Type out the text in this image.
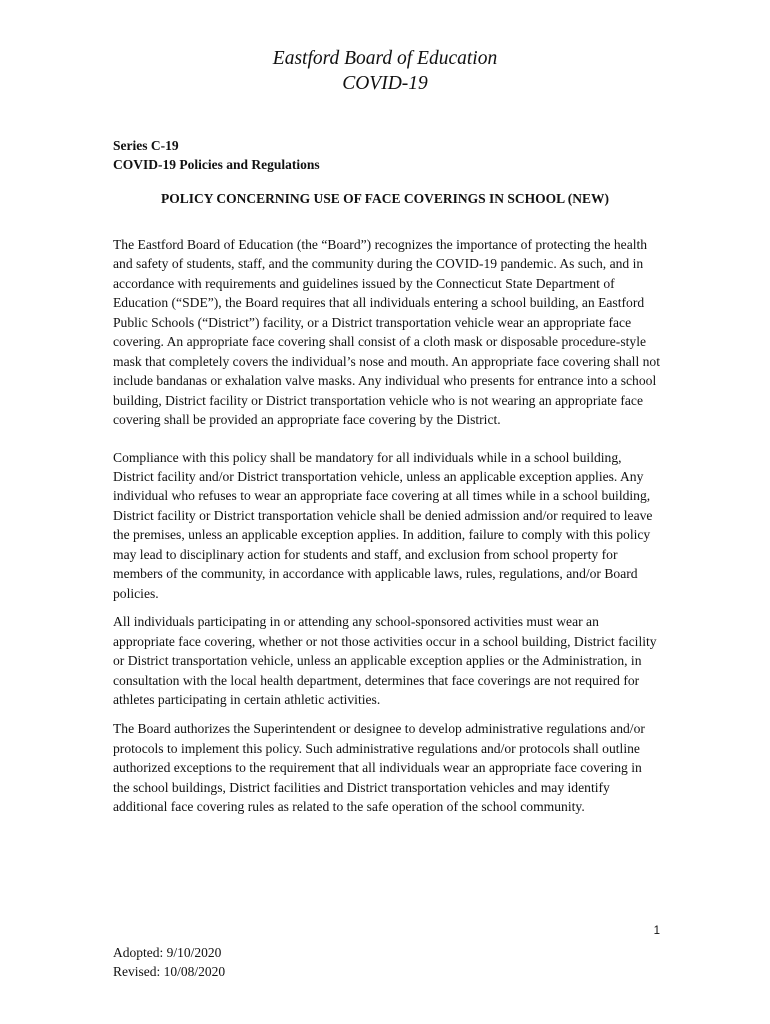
Eastford Board of Education
COVID-19
Series C-19
COVID-19 Policies and Regulations
POLICY CONCERNING USE OF FACE COVERINGS IN SCHOOL (NEW)

The Eastford Board of Education (the “Board”) recognizes the importance of protecting the health and safety of students, staff, and the community during the COVID-19 pandemic. As such, and in accordance with requirements and guidelines issued by the Connecticut State Department of Education (“SDE”), the Board requires that all individuals entering a school building, an Eastford Public Schools (“District”) facility, or a District transportation vehicle wear an appropriate face covering. An appropriate face covering shall consist of a cloth mask or disposable procedure-style mask that completely covers the individual’s nose and mouth. An appropriate face covering shall not include bandanas or exhalation valve masks. Any individual who presents for entrance into a school building, District facility or District transportation vehicle who is not wearing an appropriate face covering shall be provided an appropriate face covering by the District.

Compliance with this policy shall be mandatory for all individuals while in a school building, District facility and/or District transportation vehicle, unless an applicable exception applies. Any individual who refuses to wear an appropriate face covering at all times while in a school building, District facility or District transportation vehicle shall be denied admission and/or required to leave the premises, unless an applicable exception applies. In addition, failure to comply with this policy may lead to disciplinary action for students and staff, and exclusion from school property for members of the community, in accordance with applicable laws, rules, regulations, and/or Board policies.

All individuals participating in or attending any school-sponsored activities must wear an appropriate face covering, whether or not those activities occur in a school building, District facility or District transportation vehicle, unless an applicable exception applies or the Administration, in consultation with the local health department, determines that face coverings are not required for athletes participating in certain athletic activities.

The Board authorizes the Superintendent or designee to develop administrative regulations and/or protocols to implement this policy. Such administrative regulations and/or protocols shall outline authorized exceptions to the requirement that all individuals wear an appropriate face covering in the school buildings, District facilities and District transportation vehicles and may identify additional face covering rules as related to the safe operation of the school community.

1
Adopted: 9/10/2020
Revised: 10/08/2020
